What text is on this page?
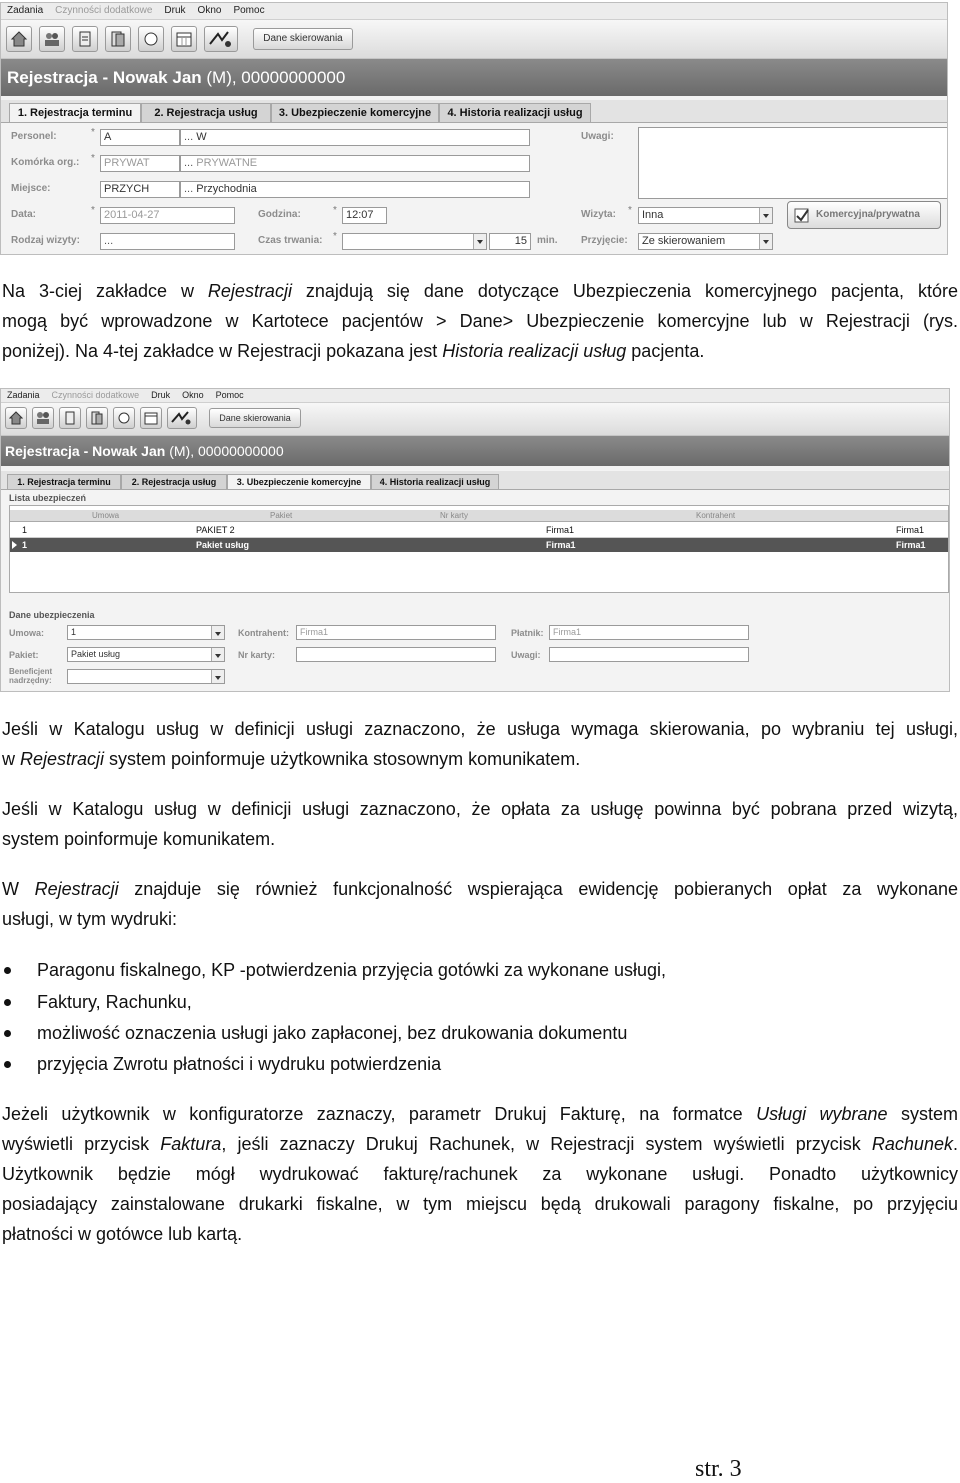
Zadania Czynności dodatkowe Druk Okno Pomoc
Dane skierowania
Rejestracja - Nowak Jan (M), 00000000000
1. Rejestracja terminu	2. Rejestracja usług	3. Ubezpieczenie komercyjne	4. Historia realizacji usług
Personel:	* A	... W
Komórka org.: * PRYWAT	... PRYWATNE
Miejsce:	PRZYCH	... Przychodnia
Data:	* 2011-04-27
Rodzaj wizyty:	...
Godzina:	* 12:07
Czas trwania: *	15	min.
Uwagi:
Wizyta: * Inna
Przyjęcie:	Ze skierowaniem
Komercyjna/prywatna
Na 3-ciej zakładce w Rejestracji znajdują się dane dotyczące Ubezpieczenia komercyjnego pacjenta, które
mogą być wprowadzone w Kartotece pacjentów > Dane> Ubezpieczenie komercyjne lub w Rejestracji (rys.
poniżej). Na 4-tej zakładce w Rejestracji pokazana jest Historia realizacji usług pacjenta.
Zadania Czynności dodatkowe Druk Okno Pomoc
Dane skierowania
Rejestracja - Nowak Jan (M), 00000000000
1. Rejestracja terminu	2. Rejestracja usług	3. Ubezpieczenie komercyjne	4. Historia realizacji usług
Lista ubezpieczeń
Umowa	Pakiet	Nr karty	Kontrahent
1	PAKIET 2	Firma1	Firma1
1	Pakiet usług	Firma1	Firma1
Dane ubezpieczenia
Umowa:	1
Pakiet:	Pakiet usług
Beneficjent
nadrzędny:
Kontrahent:	Firma1
Nr karty:
Płatnik:	Firma1
Uwagi:
Jeśli w Katalogu usług w definicji usługi zaznaczono, że usługa wymaga skierowania, po wybraniu tej usługi,
w Rejestracji system poinformuje użytkownika stosownym komunikatem.
Jeśli w Katalogu usług w definicji usługi zaznaczono, że opłata za usługę powinna być pobrana przed wizytą,
system poinformuje komunikatem.
W Rejestracji znajduje się również funkcjonalność wspierająca ewidencję pobieranych opłat za wykonane
usługi, w tym wydruki:
Paragonu fiskalnego, KP -potwierdzenia przyjęcia gotówki za wykonane usługi,
Faktury, Rachunku,
możliwość oznaczenia usługi jako zapłaconej, bez drukowania dokumentu
przyjęcia Zwrotu płatności i wydruku potwierdzenia
Jeżeli użytkownik w konfiguratorze zaznaczy, parametr Drukuj Fakturę, na formatce Usługi wybrane system
wyświetli przycisk Faktura, jeśli zaznaczy Drukuj Rachunek, w Rejestracji system wyświetli przycisk Rachunek.
Użytkownik będzie mógł wydrukować fakturę/rachunek za wykonane usługi. Ponadto użytkownicy
posiadający zainstalowane drukarki fiskalne, w tym miejscu będą drukowali paragony fiskalne, po przyjęciu
płatności w gotówce lub kartą.
str. 3
